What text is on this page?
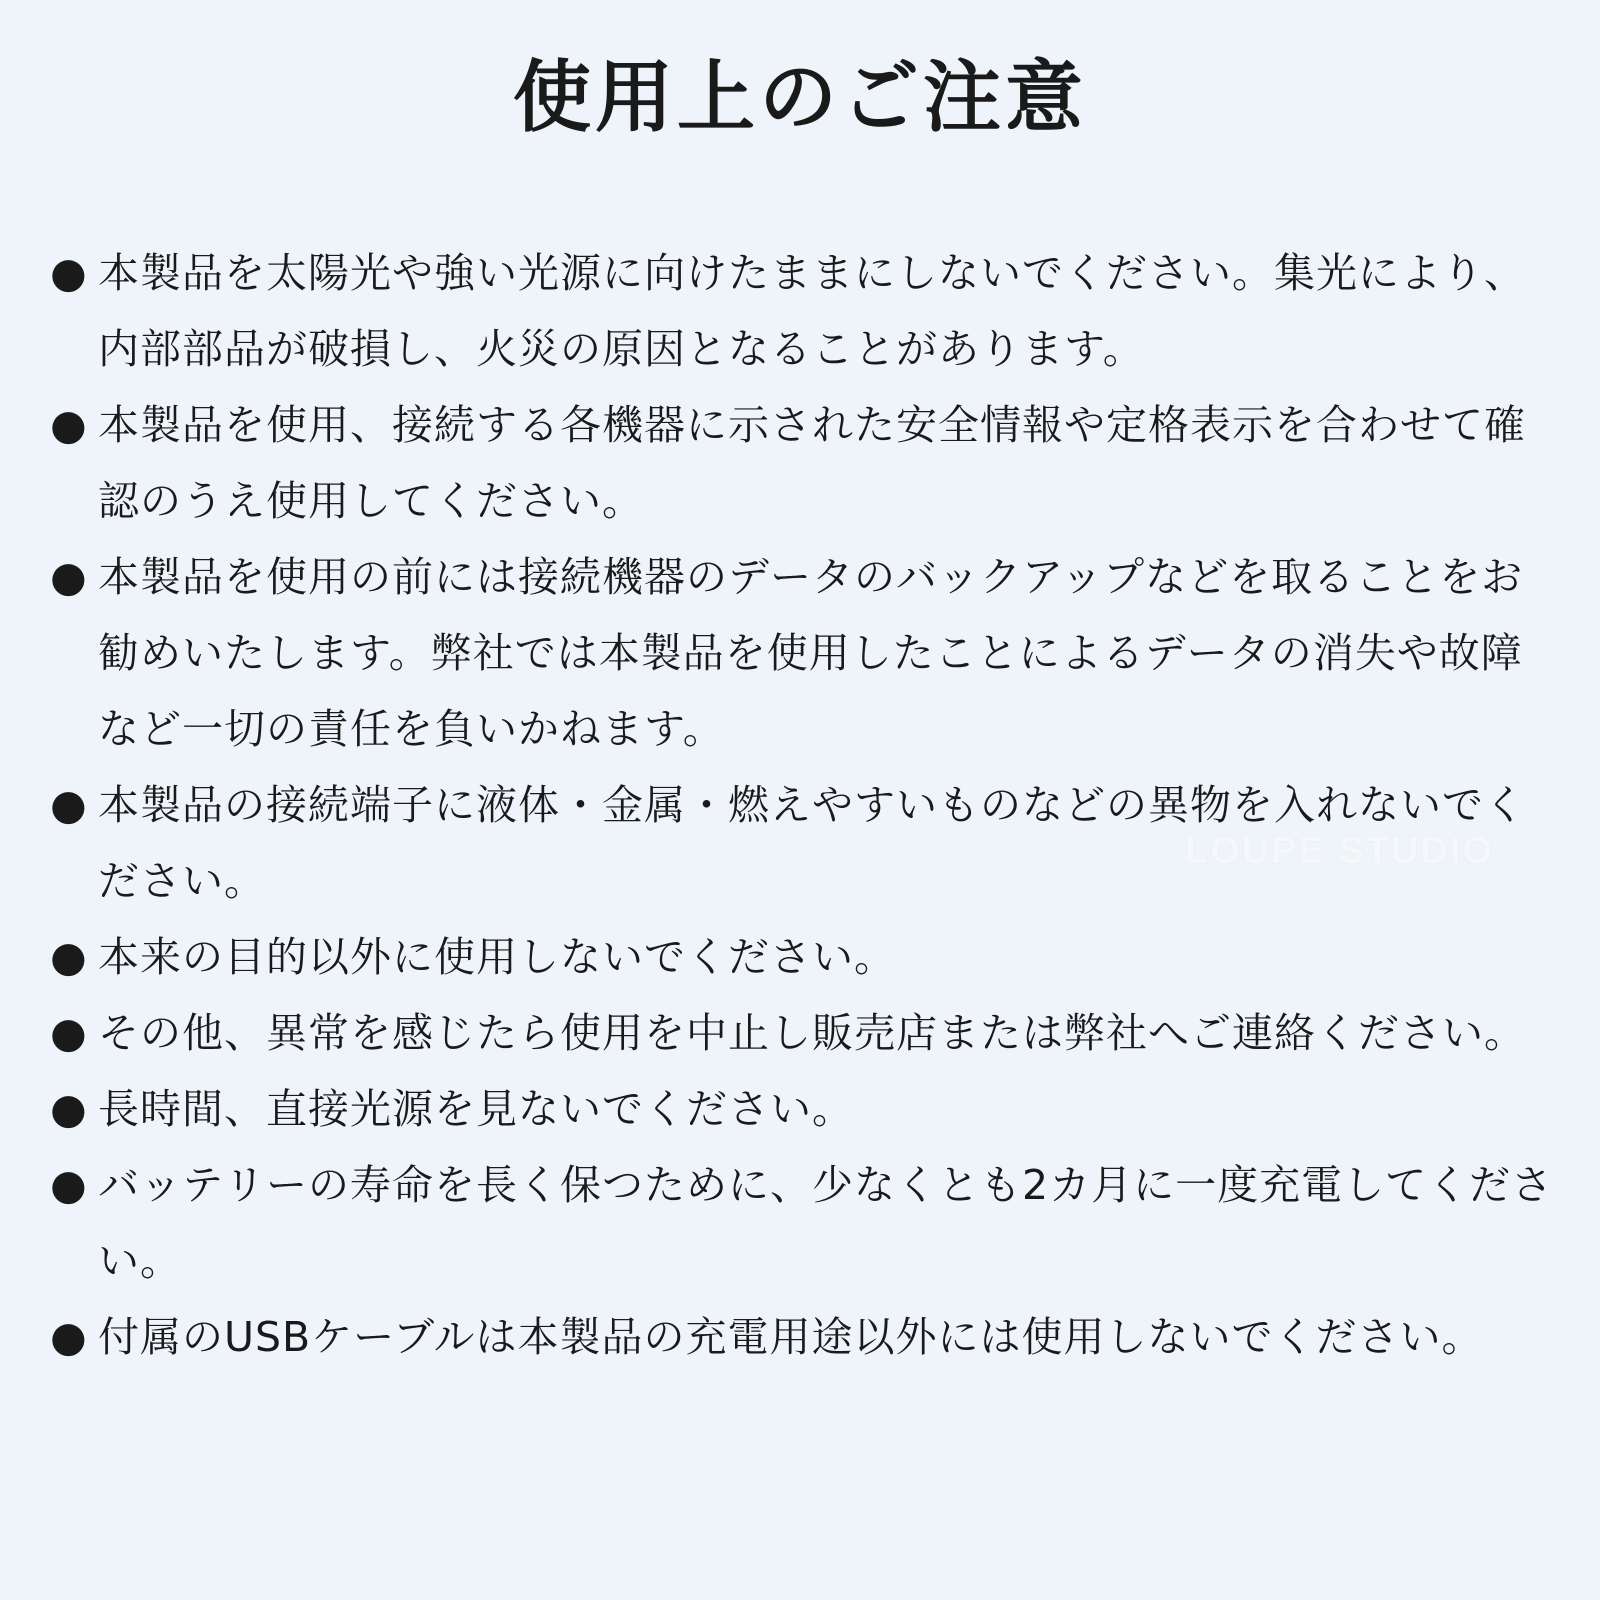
使用上のご注意
● 本製品を太陽光や強い光源に向けたままにしないでください。集光により、内部部品が破損し、火災の原因となることがあります。
● 本製品を使用、接続する各機器に示された安全情報や定格表示を合わせて確認のうえ使用してください。
● 本製品を使用の前には接続機器のデータのバックアップなどを取ることをお勧めいたします。弊社では本製品を使用したことによるデータの消失や故障など一切の責任を負いかねます。
● 本製品の接続端子に液体・金属・燃えやすいものなどの異物を入れないでください。
● 本来の目的以外に使用しないでください。
● その他、異常を感じたら使用を中止し販売店または弊社へご連絡ください。
● 長時間、直接光源を見ないでください。
● バッテリーの寿命を長く保つために、少なくとも2カ月に一度充電してください。
● 付属のUSBケーブルは本製品の充電用途以外には使用しないでください。
LOUPE STUDIO
